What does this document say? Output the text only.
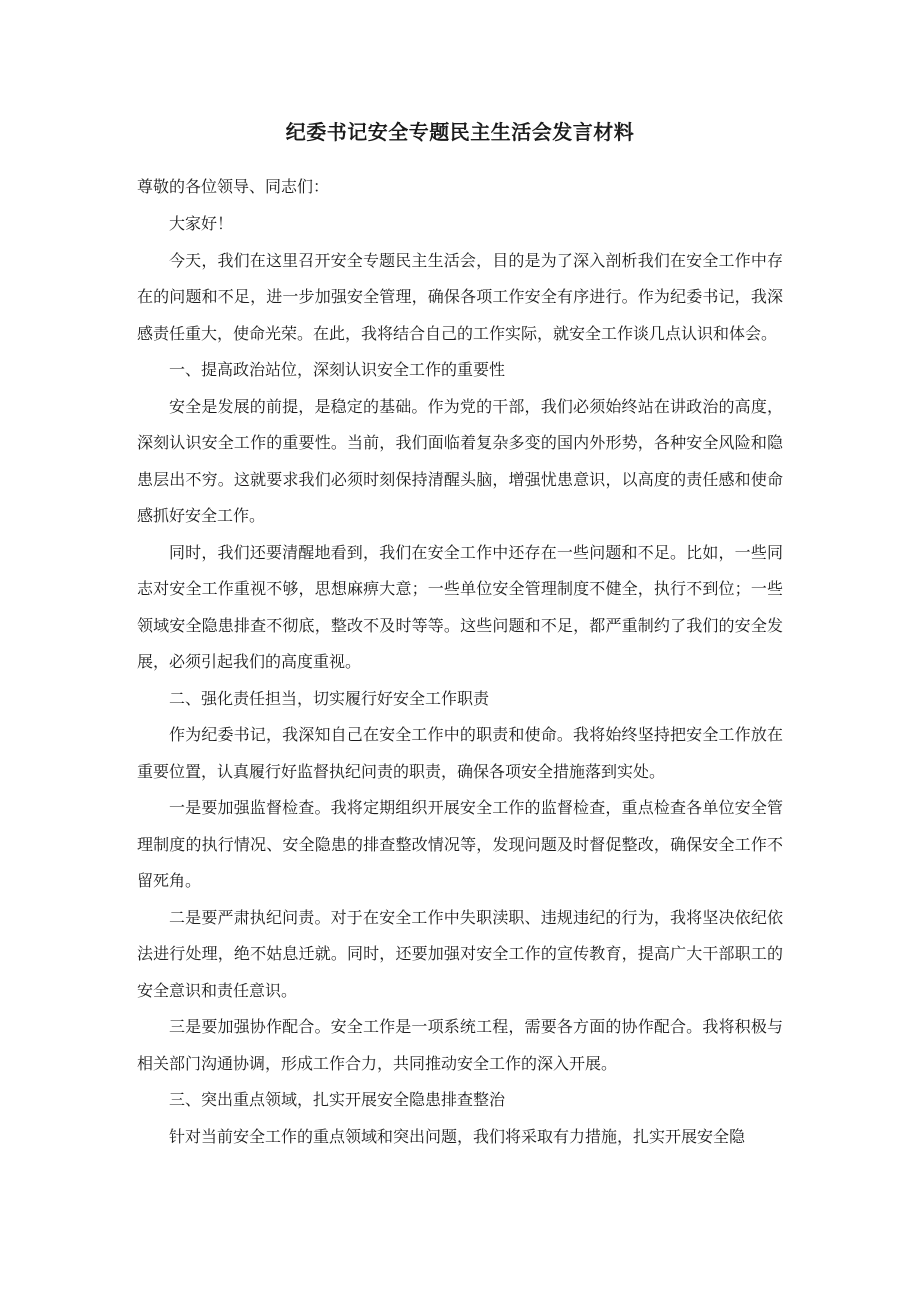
纪委书记安全专题民主生活会发言材料

尊敬的各位领导、同志们：

大家好！

今天，我们在这里召开安全专题民主生活会，目的是为了深入剖析我们在安全工作中存在的问题和不足，进一步加强安全管理，确保各项工作安全有序进行。作为纪委书记，我深感责任重大，使命光荣。在此，我将结合自己的工作实际，就安全工作谈几点认识和体会。

一、提高政治站位，深刻认识安全工作的重要性

安全是发展的前提，是稳定的基础。作为党的干部，我们必须始终站在讲政治的高度，深刻认识安全工作的重要性。当前，我们面临着复杂多变的国内外形势，各种安全风险和隐患层出不穷。这就要求我们必须时刻保持清醒头脑，增强忧患意识，以高度的责任感和使命感抓好安全工作。

同时，我们还要清醒地看到，我们在安全工作中还存在一些问题和不足。比如，一些同志对安全工作重视不够，思想麻痹大意；一些单位安全管理制度不健全，执行不到位；一些领域安全隐患排查不彻底，整改不及时等等。这些问题和不足，都严重制约了我们的安全发展，必须引起我们的高度重视。

二、强化责任担当，切实履行好安全工作职责

作为纪委书记，我深知自己在安全工作中的职责和使命。我将始终坚持把安全工作放在重要位置，认真履行好监督执纪问责的职责，确保各项安全措施落到实处。

一是要加强监督检查。我将定期组织开展安全工作的监督检查，重点检查各单位安全管理制度的执行情况、安全隐患的排查整改情况等，发现问题及时督促整改，确保安全工作不留死角。

二是要严肃执纪问责。对于在安全工作中失职渎职、违规违纪的行为，我将坚决依纪依法进行处理，绝不姑息迁就。同时，还要加强对安全工作的宣传教育，提高广大干部职工的安全意识和责任意识。

三是要加强协作配合。安全工作是一项系统工程，需要各方面的协作配合。我将积极与相关部门沟通协调，形成工作合力，共同推动安全工作的深入开展。

三、突出重点领域，扎实开展安全隐患排查整治

针对当前安全工作的重点领域和突出问题，我们将采取有力措施，扎实开展安全隐
